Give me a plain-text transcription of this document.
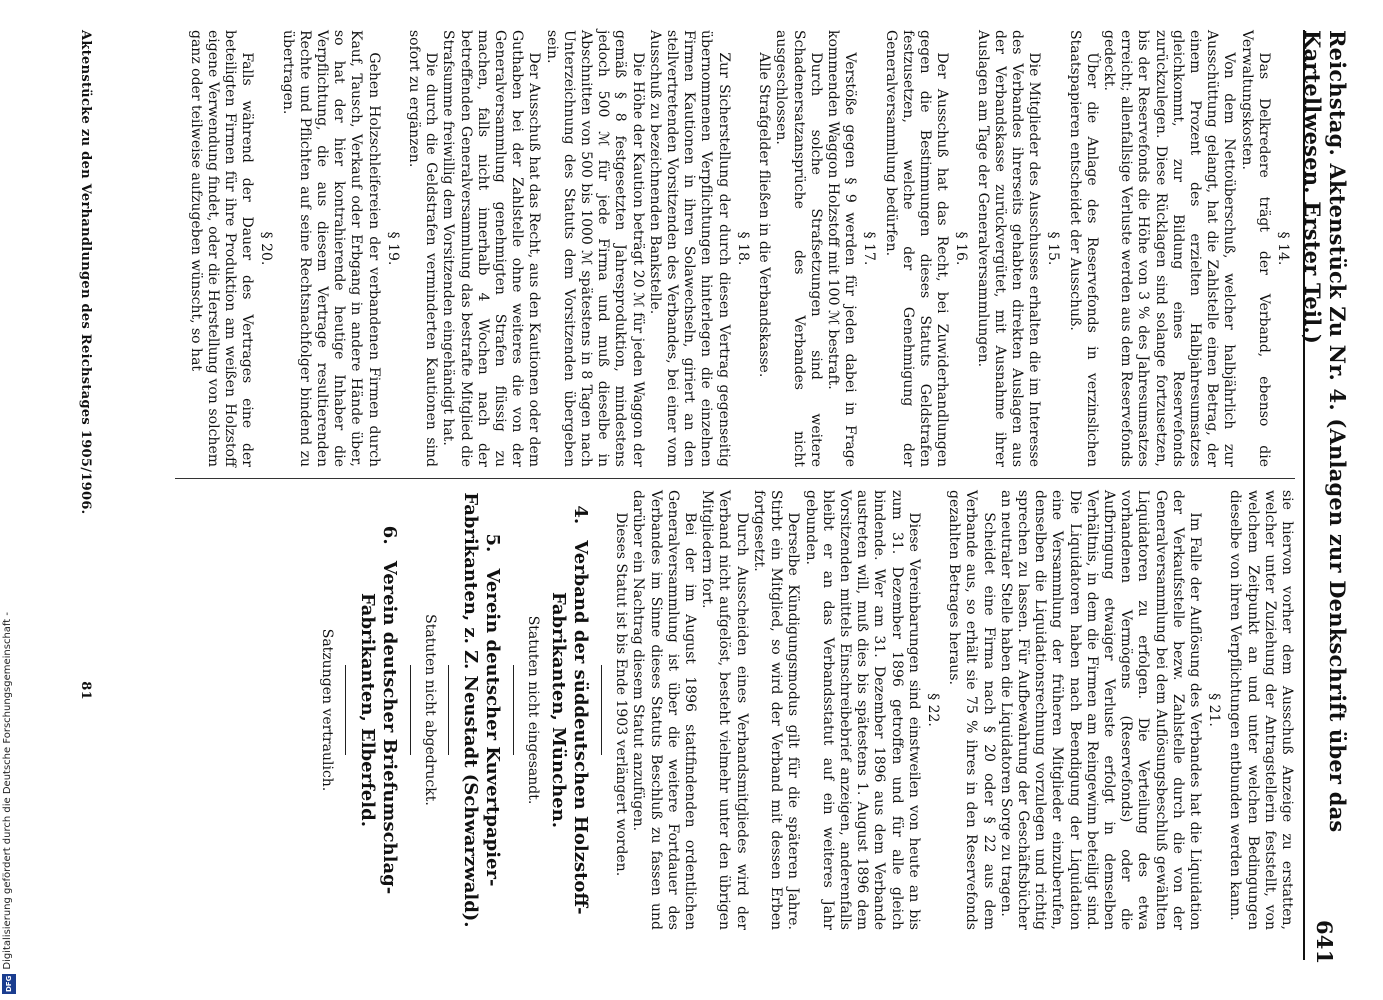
Reichstag. Aktenstück Zu Nr. 4. (Anlagen zur Denkschrift über das Kartellwesen. Erster Teil.)
641
§ 14.

Das Delkredere trägt der Verband, ebenso die Verwaltungskosten.

Von dem Nettoüberschuß, welcher halbjährlich zur Ausschüttung gelangt, hat die Zahlstelle einen Betrag, der einem Prozent des erzielten Halbjahresumsatzes gleichkommt, zur Bildung eines Reservefonds zurückzulegen. Diese Rücklagen sind solange fortzusetzen, bis der Reservefonds die Höhe von 3 % des Jahresumsatzes erreicht; allenfallsige Verluste werden aus dem Reservefonds gedeckt.

Über die Anlage des Reservefonds in verzinslichen Staatspapieren entscheidet der Ausschuß.

§ 15.

Die Mitglieder des Ausschusses erhalten die im Interesse des Verbandes ihrerseits gehabten direkten Auslagen aus der Verbandskasse zurückvergütet, mit Ausnahme ihrer Auslagen am Tage der Generalversammlungen.

§ 16.

Der Ausschuß hat das Recht, bei Zuwiderhandlungen gegen die Bestimmungen dieses Statuts Geldstrafen festzusetzen, welche der Genehmigung der Generalversammlung bedürfen.

§ 17.

Verstöße gegen § 9 werden für jeden dabei in Frage kommenden Waggon Holzstoff mit 100 ℳ bestraft.

Durch solche Strafsetzungen sind weitere Schadenersatzansprüche des Verbandes nicht ausgeschlossen.

Alle Strafgelder fließen in die Verbandskasse.

§ 18.

Zur Sicherstellung der durch diesen Vertrag gegenseitig übernommenen Verpflichtungen hinterlegen die einzelnen Firmen Kautionen in ihren Solawechseln, giriert an den stellvertretenden Vorsitzenden des Verbandes, bei einer vom Ausschuß zu bezeichnenden Bankstelle.

Die Höhe der Kaution beträgt 20 ℳ für jeden Waggon der gemäß § 8 festgesetzten Jahresproduktion, mindestens jedoch 500 ℳ für jede Firma und muß dieselbe in Abschnitten von 500 bis 1000 ℳ spätestens in 8 Tagen nach Unterzeichnung des Statuts dem Vorsitzenden übergeben sein.

Der Ausschuß hat das Recht, aus den Kautionen oder dem Guthaben bei der Zahlstelle ohne weiteres die von der Generalversammlung genehmigten Strafen flüssig zu machen, falls nicht innerhalb 4 Wochen nach der betreffenden Generalversammlung das bestrafte Mitglied die Strafsumme freiwillig dem Vorsitzenden eingehändigt hat.

Die durch die Geldstrafen verminderten Kautionen sind sofort zu ergänzen.

§ 19.

Gehen Holzschleifereien der verbandenen Firmen durch Kauf, Tausch, Verkauf oder Erbgang in andere Hände über, so hat der hier kontrahierende heutige Inhaber die Verpflichtung, die aus diesem Vertrage resultierenden Rechte und Pflichten auf seine Rechtsnachfolger bindend zu übertragen.

§ 20.

Falls während der Dauer des Vertrages eine der beteiligten Firmen für ihre Produktion am weißen Holzstoff eigene Verwendung findet, oder die Herstellung von solchem ganz oder teilweise aufzugeben wünscht, so hat

sie hiervon vorher dem Ausschuß Anzeige zu erstatten, welcher unter Zuziehung der Antragstellerin feststellt, von welchem Zeitpunkt an und unter welchen Bedingungen dieselbe von ihren Verpflichtungen entbunden werden kann.

§ 21.

Im Falle der Auflösung des Verbandes hat die Liquidation der Verkaufsstelle bezw. Zahlstelle durch die von der Generalversammlung bei dem Auflösungsbeschluß gewählten Liquidatoren zu erfolgen. Die Verteilung des etwa vorhandenen Vermögens (Reservefonds) oder die Aufbringung etwaiger Verluste erfolgt in demselben Verhältnis, in dem die Firmen am Reingewinn beteiligt sind. Die Liquidatoren haben nach Beendigung der Liquidation eine Versammlung der früheren Mitglieder einzuberufen, denselben die Liquidationsrechnung vorzulegen und richtig sprechen zu lassen. Für Aufbewahrung der Geschäftsbücher an neutraler Stelle haben die Liquidatoren Sorge zu tragen.

Scheidet eine Firma nach § 20 oder § 22 aus dem Verbande aus, so erhält sie 75 % ihres in den Reservefonds gezahlten Betrages heraus.

§ 22.

Diese Vereinbarungen sind einstweilen von heute an bis zum 31. Dezember 1896 getroffen und für alle gleich bindende. Wer am 31. Dezember 1896 aus dem Verbande austreten will, muß dies bis spätestens 1. August 1896 dem Vorsitzenden mittels Einschreibebrief anzeigen, anderenfalls bleibt er an das Verbandsstatut auf ein weiteres Jahr gebunden.

Derselbe Kündigungsmodus gilt für die späteren Jahre. Stirbt ein Mitglied, so wird der Verband mit dessen Erben fortgesetzt.

Durch Ausscheiden eines Verbandsmitgliedes wird der Verband nicht aufgelöst, besteht vielmehr unter den übrigen Mitgliedern fort.

Bei der im August 1896 stattfindenden ordentlichen Generalversammlung ist über die weitere Fortdauer des Verbandes im Sinne dieses Statuts Beschluß zu fassen und darüber ein Nachtrag diesem Statut anzufügen.

Dieses Statut ist bis Ende 1903 verlängert worden.

4. Verband der süddeutschen Holzstoff-Fabrikanten, München.
Statuten nicht eingesandt.
5. Verein deutscher Kuvertpapier-Fabrikanten, z. Z. Neustadt (Schwarzwald).
Statuten nicht abgedruckt.
6. Verein deutscher Briefumschlag-Fabrikanten, Elberfeld.
Satzungen vertraulich.
Aktenstücke zu den Verhandlungen des Reichstages 1905/1906.
81
Digitalisierung gefördert durch die Deutsche Forschungsgemeinschaft -
DFG
